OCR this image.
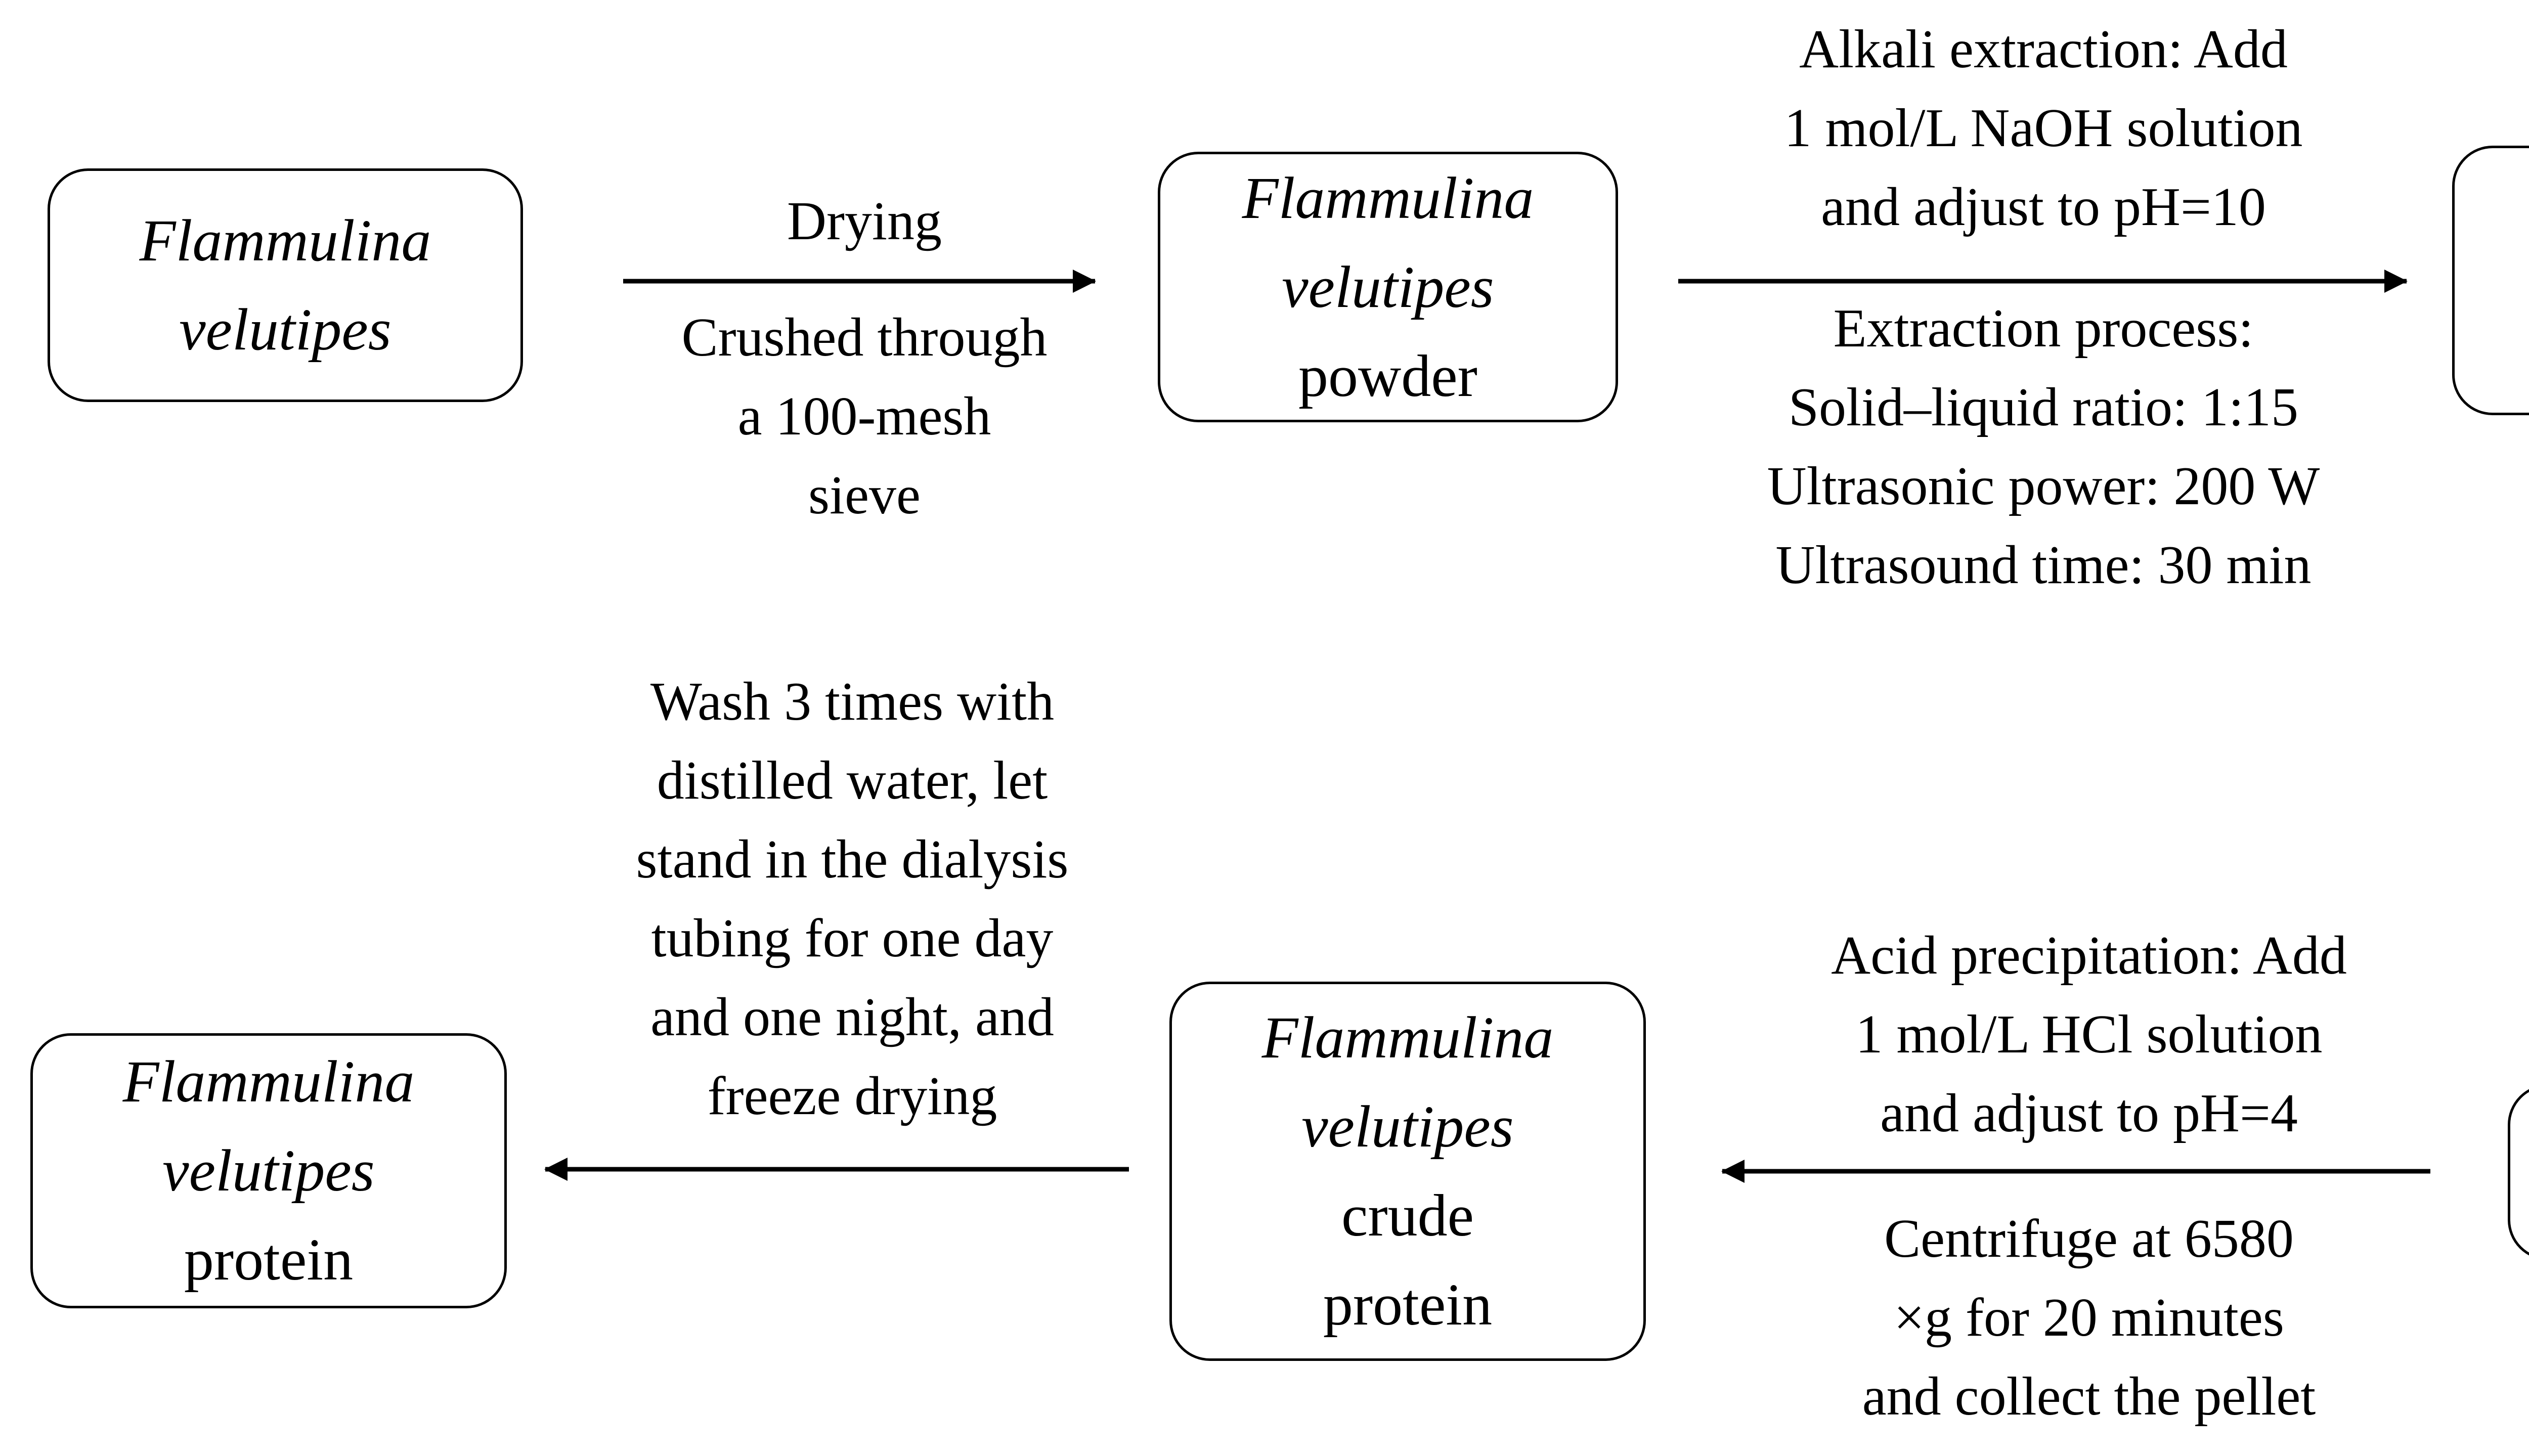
Flammulina
velutipes
Flammulina
velutipes
powder
Flammulina
velutipes
crude
protein
Flammulina
velutipes
protein
Drying
Crushed through
a 100-mesh
sieve
Alkali extraction: Add
1 mol/L NaOH solution
and adjust to pH=10
Extraction process:
Solid–liquid ratio: 1:15
Ultrasonic power: 200 W
Ultrasound time: 30 min
Acid precipitation: Add
1 mol/L HCl solution
and adjust to pH=4
Centrifuge at 6580
×g for 20 minutes
and collect the pellet
Wash 3 times with
distilled water, let
stand in the dialysis
tubing for one day
and one night, and
freeze drying
